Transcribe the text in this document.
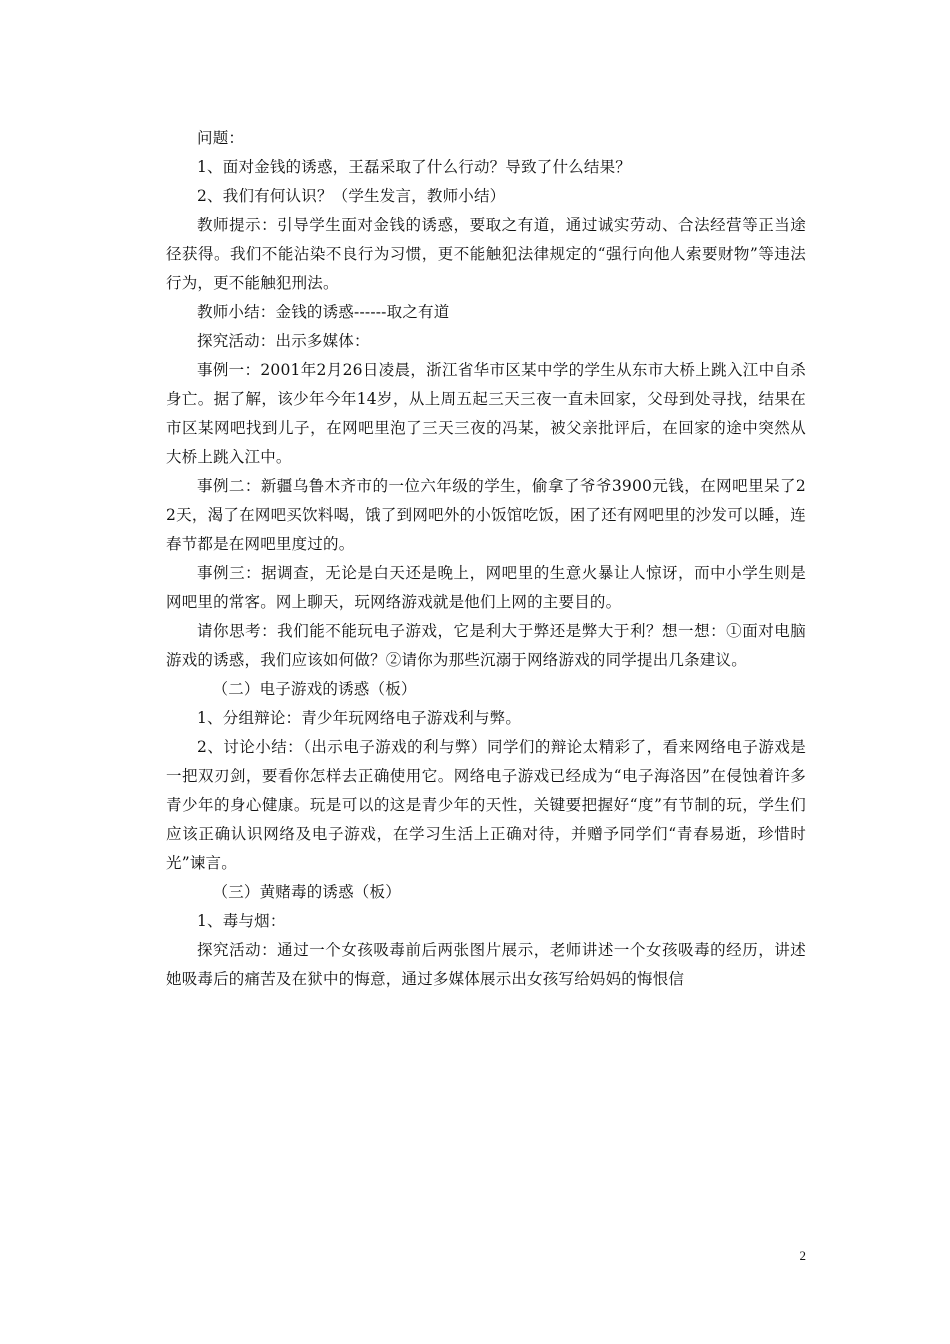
问题：

1、面对金钱的诱惑，王磊采取了什么行动？导致了什么结果？

2、我们有何认识？（学生发言，教师小结）

教师提示：引导学生面对金钱的诱惑，要取之有道，通过诚实劳动、合法经营等正当途径获得。我们不能沾染不良行为习惯，更不能触犯法律规定的“强行向他人索要财物”等违法行为，更不能触犯刑法。

教师小结：金钱的诱惑------取之有道

探究活动：出示多媒体：

事例一：2001年2月26日凌晨，浙江省华市区某中学的学生从东市大桥上跳入江中自杀身亡。据了解，该少年今年14岁，从上周五起三天三夜一直未回家，父母到处寻找，结果在市区某网吧找到儿子，在网吧里泡了三天三夜的冯某，被父亲批评后，在回家的途中突然从大桥上跳入江中。

事例二：新疆乌鲁木齐市的一位六年级的学生，偷拿了爷爷3900元钱，在网吧里呆了22天，渴了在网吧买饮料喝，饿了到网吧外的小饭馆吃饭，困了还有网吧里的沙发可以睡，连春节都是在网吧里度过的。

事例三：据调查，无论是白天还是晚上，网吧里的生意火暴让人惊讶，而中小学生则是网吧里的常客。网上聊天，玩网络游戏就是他们上网的主要目的。

请你思考：我们能不能玩电子游戏，它是利大于弊还是弊大于利？想一想：①面对电脑游戏的诱惑，我们应该如何做？②请你为那些沉溺于网络游戏的同学提出几条建议。

（二）电子游戏的诱惑（板）

1、分组辩论：青少年玩网络电子游戏利与弊。

2、讨论小结：（出示电子游戏的利与弊）同学们的辩论太精彩了，看来网络电子游戏是一把双刃剑，要看你怎样去正确使用它。网络电子游戏已经成为“电子海洛因”在侵蚀着许多青少年的身心健康。玩是可以的这是青少年的天性，关键要把握好“度”有节制的玩，学生们应该正确认识网络及电子游戏，在学习生活上正确对待，并赠予同学们“青春易逝，珍惜时光”谏言。

（三）黄赌毒的诱惑（板）

1、毒与烟：

探究活动：通过一个女孩吸毒前后两张图片展示，老师讲述一个女孩吸毒的经历，讲述她吸毒后的痛苦及在狱中的悔意，通过多媒体展示出女孩写给妈妈的悔恨信

2
